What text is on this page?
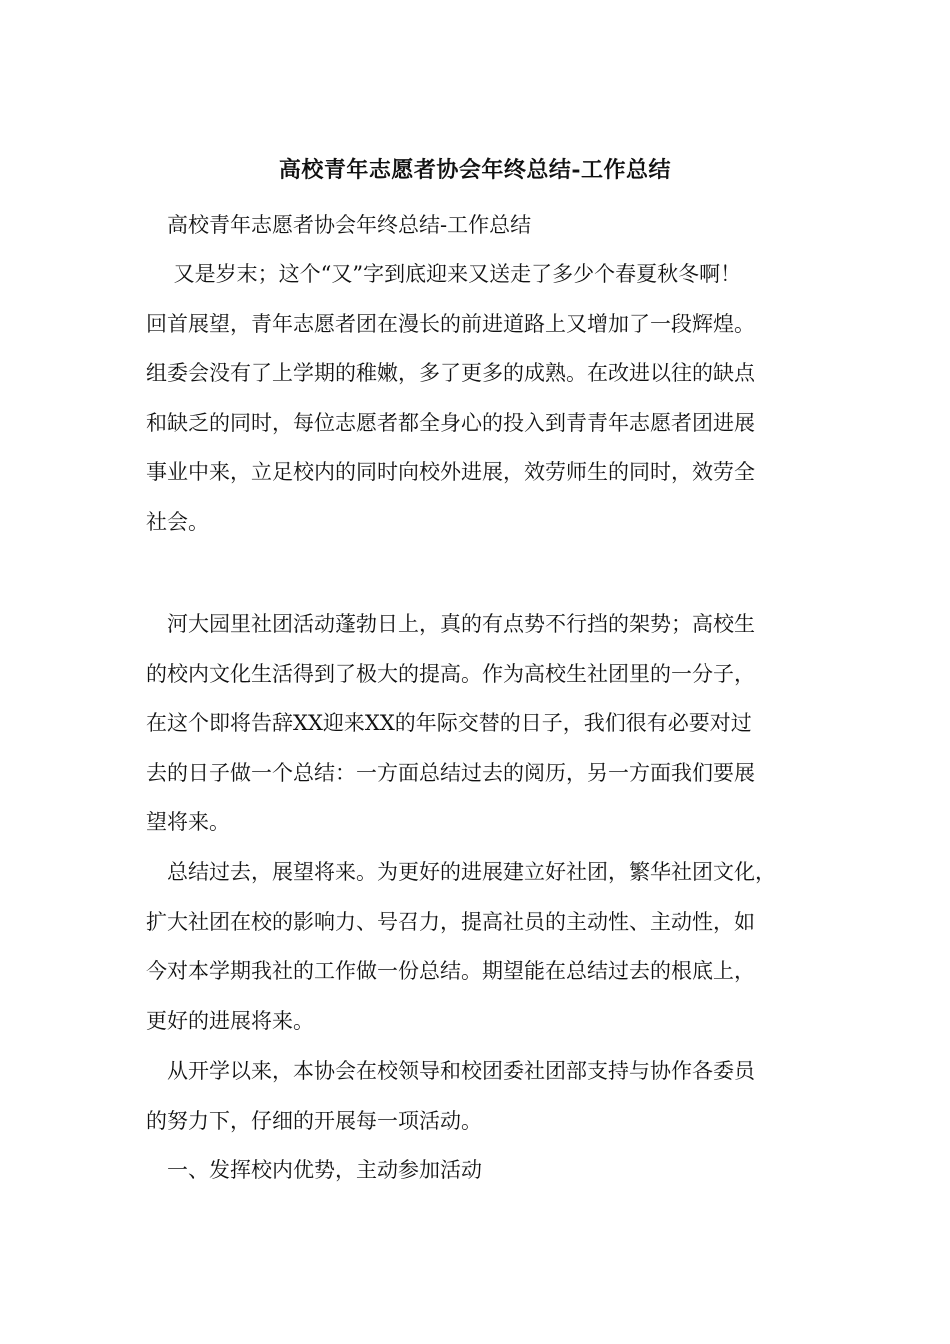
高校青年志愿者协会年终总结-工作总结

　高校青年志愿者协会年终总结-工作总结

　 又是岁末；这个“又”字到底迎来又送走了多少个春夏秋冬啊！
回首展望，青年志愿者团在漫长的前进道路上又增加了一段辉煌。
组委会没有了上学期的稚嫩，多了更多的成熟。在改进以往的缺点
和缺乏的同时，每位志愿者都全身心的投入到青青年志愿者团进展
事业中来，立足校内的同时向校外进展，效劳师生的同时，效劳全
社会。

　河大园里社团活动蓬勃日上，真的有点势不行挡的架势；高校生
的校内文化生活得到了极大的提高。作为高校生社团里的一分子，
在这个即将告辞XX迎来XX的年际交替的日子，我们很有必要对过
去的日子做一个总结：一方面总结过去的阅历，另一方面我们要展
望将来。

　总结过去，展望将来。为更好的进展建立好社团，繁华社团文化，
扩大社团在校的影响力、号召力，提高社员的主动性、主动性，如
今对本学期我社的工作做一份总结。期望能在总结过去的根底上，
更好的进展将来。

　从开学以来，本协会在校领导和校团委社团部支持与协作各委员
的努力下，仔细的开展每一项活动。

　一、发挥校内优势，主动参加活动
